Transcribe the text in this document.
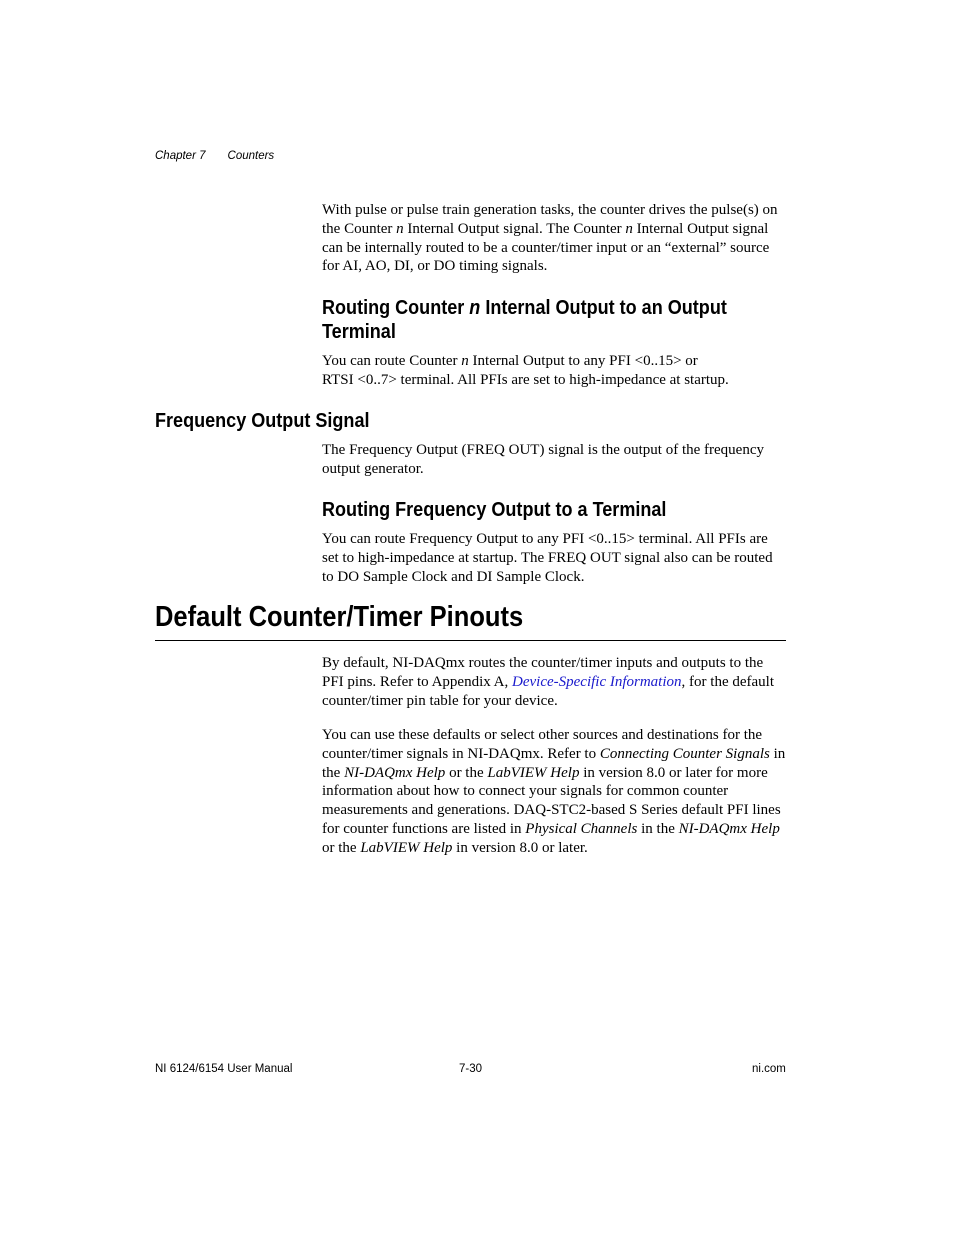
Chapter 7 Counters

With pulse or pulse train generation tasks, the counter drives the pulse(s) on the Counter n Internal Output signal. The Counter n Internal Output signal can be internally routed to be a counter/timer input or an “external” source for AI, AO, DI, or DO timing signals.

Routing Counter n Internal Output to an Output
Terminal

You can route Counter n Internal Output to any PFI <0..15> or
RTSI <0..7> terminal. All PFIs are set to high-impedance at startup.

Frequency Output Signal

The Frequency Output (FREQ OUT) signal is the output of the frequency output generator.

Routing Frequency Output to a Terminal

You can route Frequency Output to any PFI <0..15> terminal. All PFIs are set to high-impedance at startup. The FREQ OUT signal also can be routed to DO Sample Clock and DI Sample Clock.

Default Counter/Timer Pinouts

By default, NI-DAQmx routes the counter/timer inputs and outputs to the PFI pins. Refer to Appendix A, Device-Specific Information, for the default counter/timer pin table for your device.

You can use these defaults or select other sources and destinations for the counter/timer signals in NI-DAQmx. Refer to Connecting Counter Signals in the NI-DAQmx Help or the LabVIEW Help in version 8.0 or later for more information about how to connect your signals for common counter measurements and generations. DAQ-STC2-based S Series default PFI lines for counter functions are listed in Physical Channels in the NI-DAQmx Help or the LabVIEW Help in version 8.0 or later.

NI 6124/6154 User Manual	7-30	ni.com
